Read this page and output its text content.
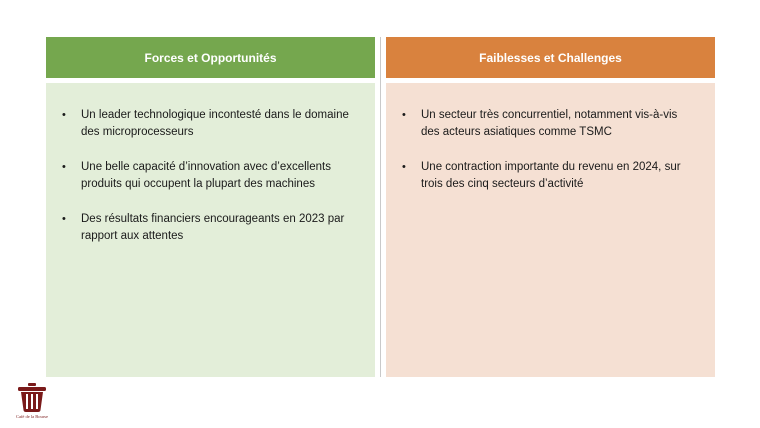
Forces et Opportunités
• Un leader technologique incontesté dans le domaine des microprocesseurs
• Une belle capacité d’innovation avec d’excellents produits qui occupent la plupart des machines
• Des résultats financiers encourageants en 2023 par rapport aux attentes
Faiblesses et Challenges
• Un secteur très concurrentiel, notamment vis-à-vis des acteurs asiatiques comme TSMC
• Une contraction importante du revenu en 2024, sur trois des cinq secteurs d’activité
Café de la Bourse
